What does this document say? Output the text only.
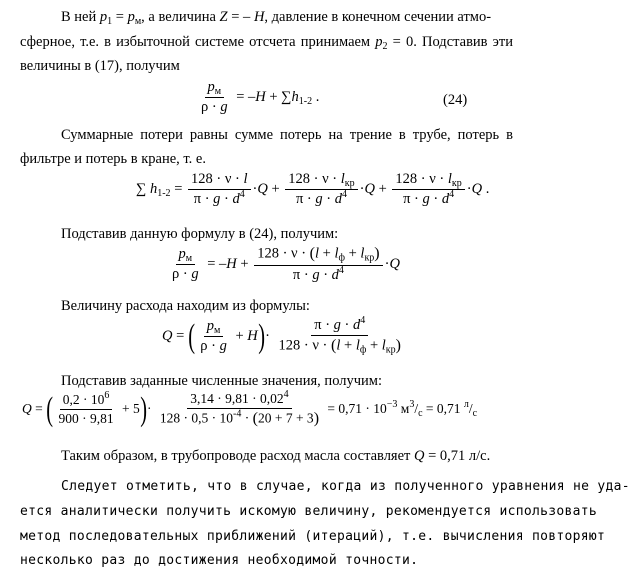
В ней $p_1 = p_м$, а величина Z = – H, давление в конечном сечении атмо-
сферное, т.е. в избыточной системе отсчета принимаем $p_2 = 0$. Подставив эти
величины в (17), получим
$\frac{p_м}{\rho \cdot g} = -H + \sum h_{1-2}$ .	(24)
Суммарные потери равны сумме потерь на трение в трубе, потерь в
фильтре и потерь в кране, т. е.
∑ $h_{1-2} = \frac{128 \cdot \nu \cdot l}{\pi \cdot g \cdot d^4} \cdot Q + \frac{128 \cdot \nu \cdot l_{кр}}{\pi \cdot g \cdot d^4} \cdot Q + \frac{128 \cdot \nu \cdot l_{кр}}{\pi \cdot g \cdot d^4} \cdot Q$ .
Подставив данную формулу в (24), получим:
$\frac{p_м}{\rho \cdot g} = -H + \frac{128 \cdot \nu \cdot (l + l_ф + l_{кр})}{\pi \cdot g \cdot d^4} \cdot Q$
Величину расхода находим из формулы:
Q = ( $\frac{p_м}{\rho \cdot g} + H)\cdot \frac{\pi \cdot g \cdot d^4}{128 \cdot \nu \cdot (l + l_ф + l_{кр})}$
Подставив заданные численные значения, получим:
Q = ( $\frac{0,2 \cdot 10^6}{900 \cdot 9,81} + 5)\cdot \frac{3,14 \cdot 9,81 \cdot 0,02^4}{128 \cdot 0,5 \cdot 10^{-4} \cdot (20 + 7 + 3)} = 0,71 \cdot 10^{-3}$ $м^3/_с = 0,71$ $^л/_с$
Таким образом, в трубопроводе расход масла составляет Q = 0,71 л/с.
Следует отметить, что в случае, когда из полученного уравнения не уда-
ется аналитически получить искомую величину, рекомендуется использовать
метод последовательных приближений (итераций), т.е. вычисления повторяют
несколько раз до достижения необходимой точности.
